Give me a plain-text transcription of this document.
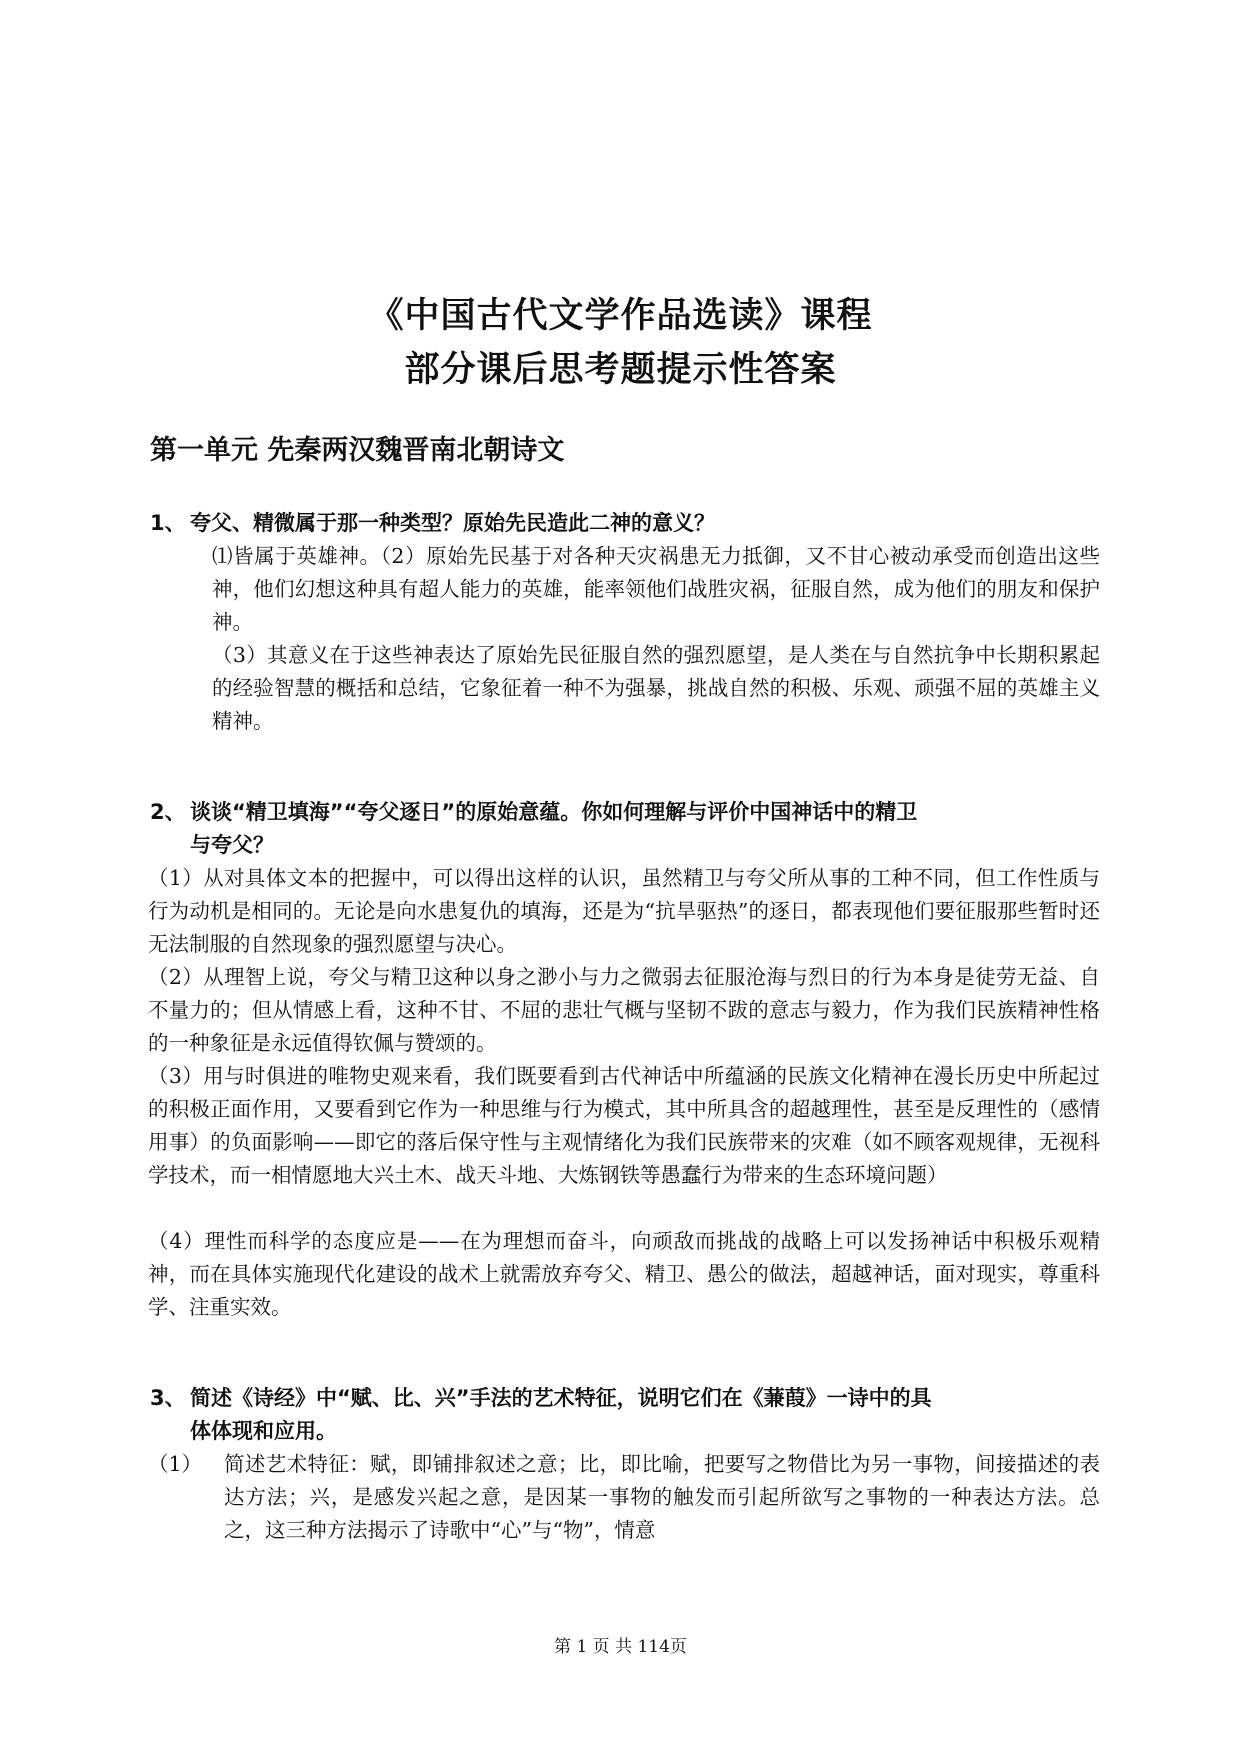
《中国古代文学作品选读》课程
部分课后思考题提示性答案
第一单元 先秦两汉魏晋南北朝诗文
1、 夸父、精微属于那一种类型？原始先民造此二神的意义？

⑴皆属于英雄神。（2）原始先民基于对各种天灾祸患无力抵御，又不甘心被动承受而创造出这些神，他们幻想这种具有超人能力的英雄，能率领他们战胜灾祸，征服自然，成为他们的朋友和保护神。

（3）其意义在于这些神表达了原始先民征服自然的强烈愿望，是人类在与自然抗争中长期积累起的经验智慧的概括和总结，它象征着一种不为强暴，挑战自然的积极、乐观、顽强不屈的英雄主义精神。

2、 谈谈“精卫填海”“夸父逐日”的原始意蕴。你如何理解与评价中国神话中的精卫
与夸父？

（1）从对具体文本的把握中，可以得出这样的认识，虽然精卫与夸父所从事的工种不同，但工作性质与行为动机是相同的。无论是向水患复仇的填海，还是为“抗旱驱热”的逐日，都表现他们要征服那些暂时还无法制服的自然现象的强烈愿望与决心。

（2）从理智上说，夸父与精卫这种以身之渺小与力之微弱去征服沧海与烈日的行为本身是徒劳无益、自不量力的；但从情感上看，这种不甘、不屈的悲壮气概与坚韧不跋的意志与毅力，作为我们民族精神性格的一种象征是永远值得钦佩与赞颂的。

（3）用与时俱进的唯物史观来看，我们既要看到古代神话中所蕴涵的民族文化精神在漫长历史中所起过的积极正面作用，又要看到它作为一种思维与行为模式，其中所具含的超越理性，甚至是反理性的（感情用事）的负面影响——即它的落后保守性与主观情绪化为我们民族带来的灾难（如不顾客观规律，无视科学技术，而一相情愿地大兴土木、战天斗地、大炼钢铁等愚蠢行为带来的生态环境问题）

（4）理性而科学的态度应是——在为理想而奋斗，向顽敌而挑战的战略上可以发扬神话中积极乐观精神，而在具体实施现代化建设的战术上就需放弃夸父、精卫、愚公的做法，超越神话，面对现实，尊重科学、注重实效。

3、 简述《诗经》中“赋、比、兴”手法的艺术特征，说明它们在《蒹葭》一诗中的具
体体现和应用。
（1）	简述艺术特征：赋，即铺排叙述之意；比，即比喻，把要写之物借比为另一事物，间接描述的表达方法；兴，是感发兴起之意，是因某一事物的触发而引起所欲写之事物的一种表达方法。总之，这三种方法揭示了诗歌中“心”与“物”，情意

第 1 页 共 114页
